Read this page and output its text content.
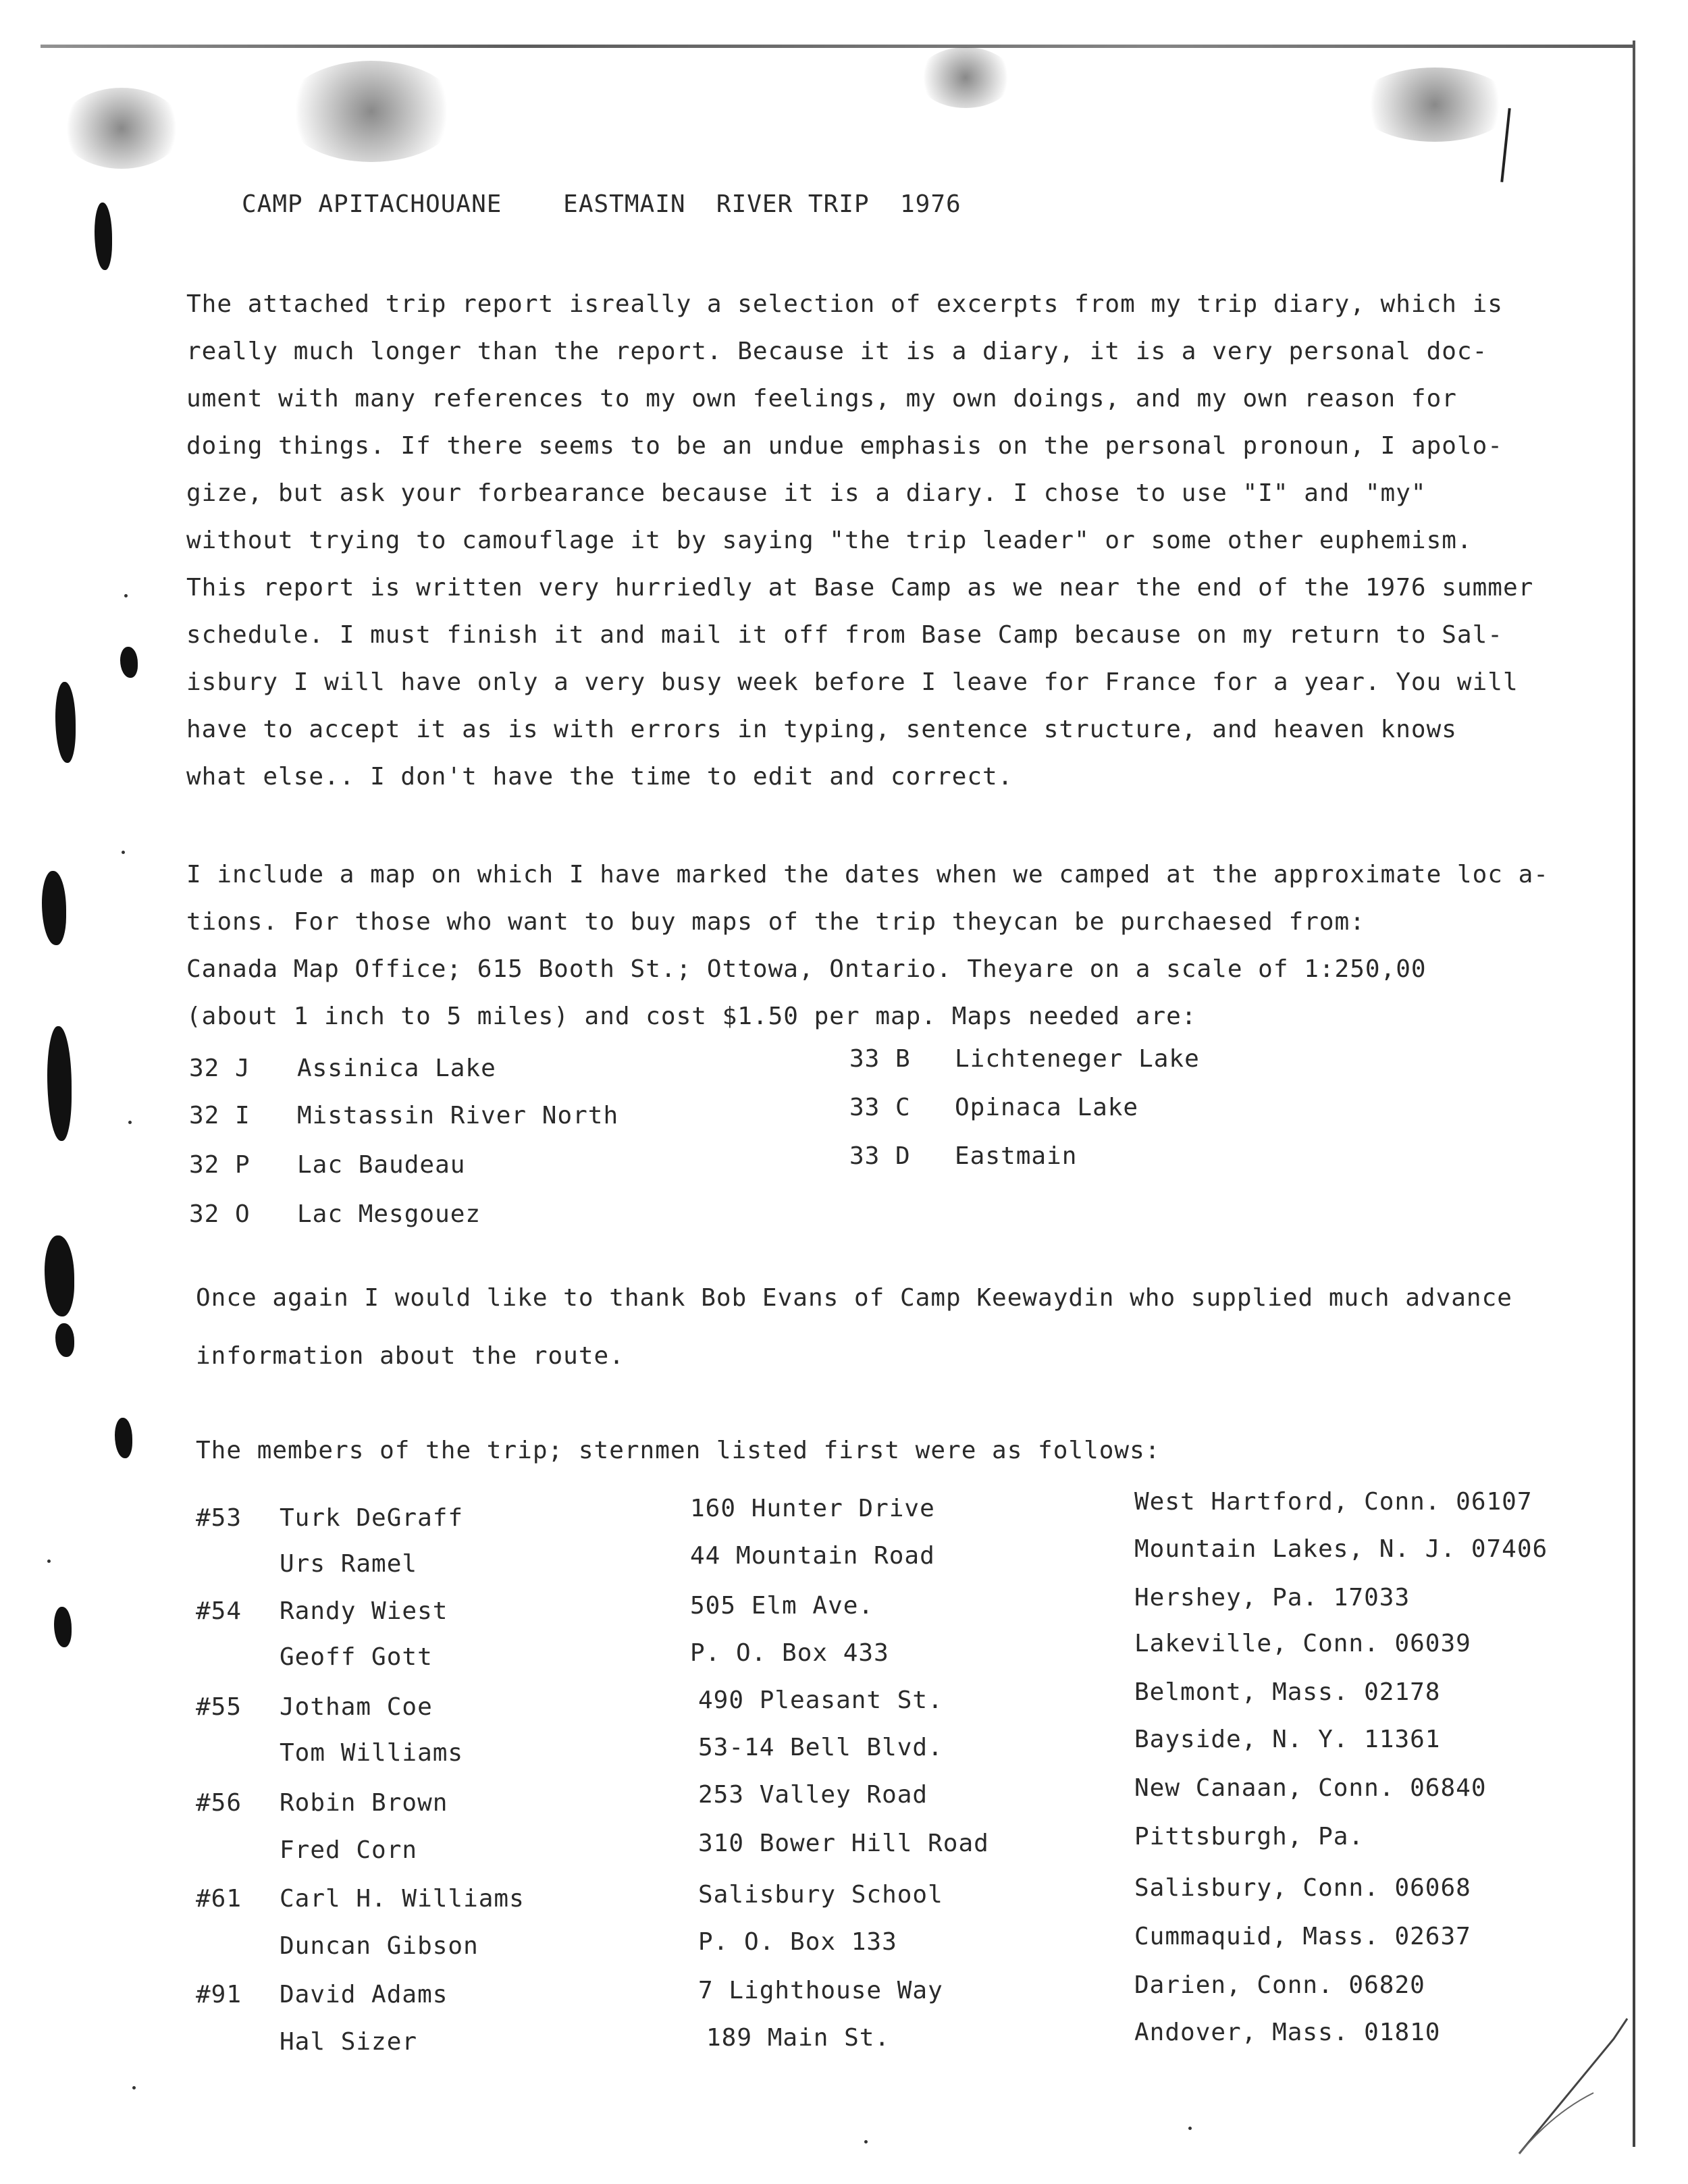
CAMP APITACHOUANE    EASTMAIN  RIVER TRIP  1976
The attached trip report isreally a selection of excerpts from my trip diary, which is
really much longer than the report. Because it is a diary, it is a very personal doc-
ument with many references to my own feelings, my own doings, and my own reason for
doing things. If there seems to be an undue emphasis on the personal pronoun, I apolo-
gize, but ask your forbearance because it is a diary. I chose to use "I" and "my"
without trying to camouflage it by saying "the trip leader" or some other euphemism.
This report is written very hurriedly at Base Camp as we near the end of the 1976 summer
schedule. I must finish it and mail it off from Base Camp because on my return to Sal-
isbury I will have only a very busy week before I leave for France for a year. You will
have to accept it as is with errors in typing, sentence structure, and heaven knows
what else.. I don't have the time to edit and correct.
I include a map on which I have marked the dates when we camped at the approximate loc a-
tions. For those who want to buy maps of the trip theycan be purchaesed from:
Canada Map Office; 615 Booth St.; Ottowa, Ontario. Theyare on a scale of 1:250,00
(about 1 inch to 5 miles) and cost $1.50 per map. Maps needed are:
32 J Assinica Lake
32 I Mistassin River North
32 P Lac Baudeau
32 O Lac Mesgouez
33 B Lichteneger Lake
33 C Opinaca Lake
33 D Eastmain
Once again I would like to thank Bob Evans of Camp Keewaydin who supplied much advance
information about the route.
The members of the trip; sternmen listed first were as follows:
#53 Turk DeGraff	160 Hunter Drive	West Hartford, Conn. 06107
Urs Ramel	44 Mountain Road	Mountain Lakes, N. J. 07406
#54 Randy Wiest	505 Elm Ave.	Hershey, Pa. 17033
Geoff Gott	P. O. Box 433	Lakeville, Conn. 06039
#55 Jotham Coe	490 Pleasant St.	Belmont, Mass. 02178
Tom Williams	53-14 Bell Blvd.	Bayside, N. Y. 11361
#56 Robin Brown	253 Valley Road	New Canaan, Conn. 06840
Fred Corn	310 Bower Hill Road	Pittsburgh, Pa.
#61 Carl H. Williams	Salisbury School	Salisbury, Conn. 06068
Duncan Gibson	P. O. Box 133	Cummaquid, Mass. 02637
#91 David Adams	7 Lighthouse Way	Darien, Conn. 06820
Hal Sizer	189 Main St.	Andover, Mass. 01810
